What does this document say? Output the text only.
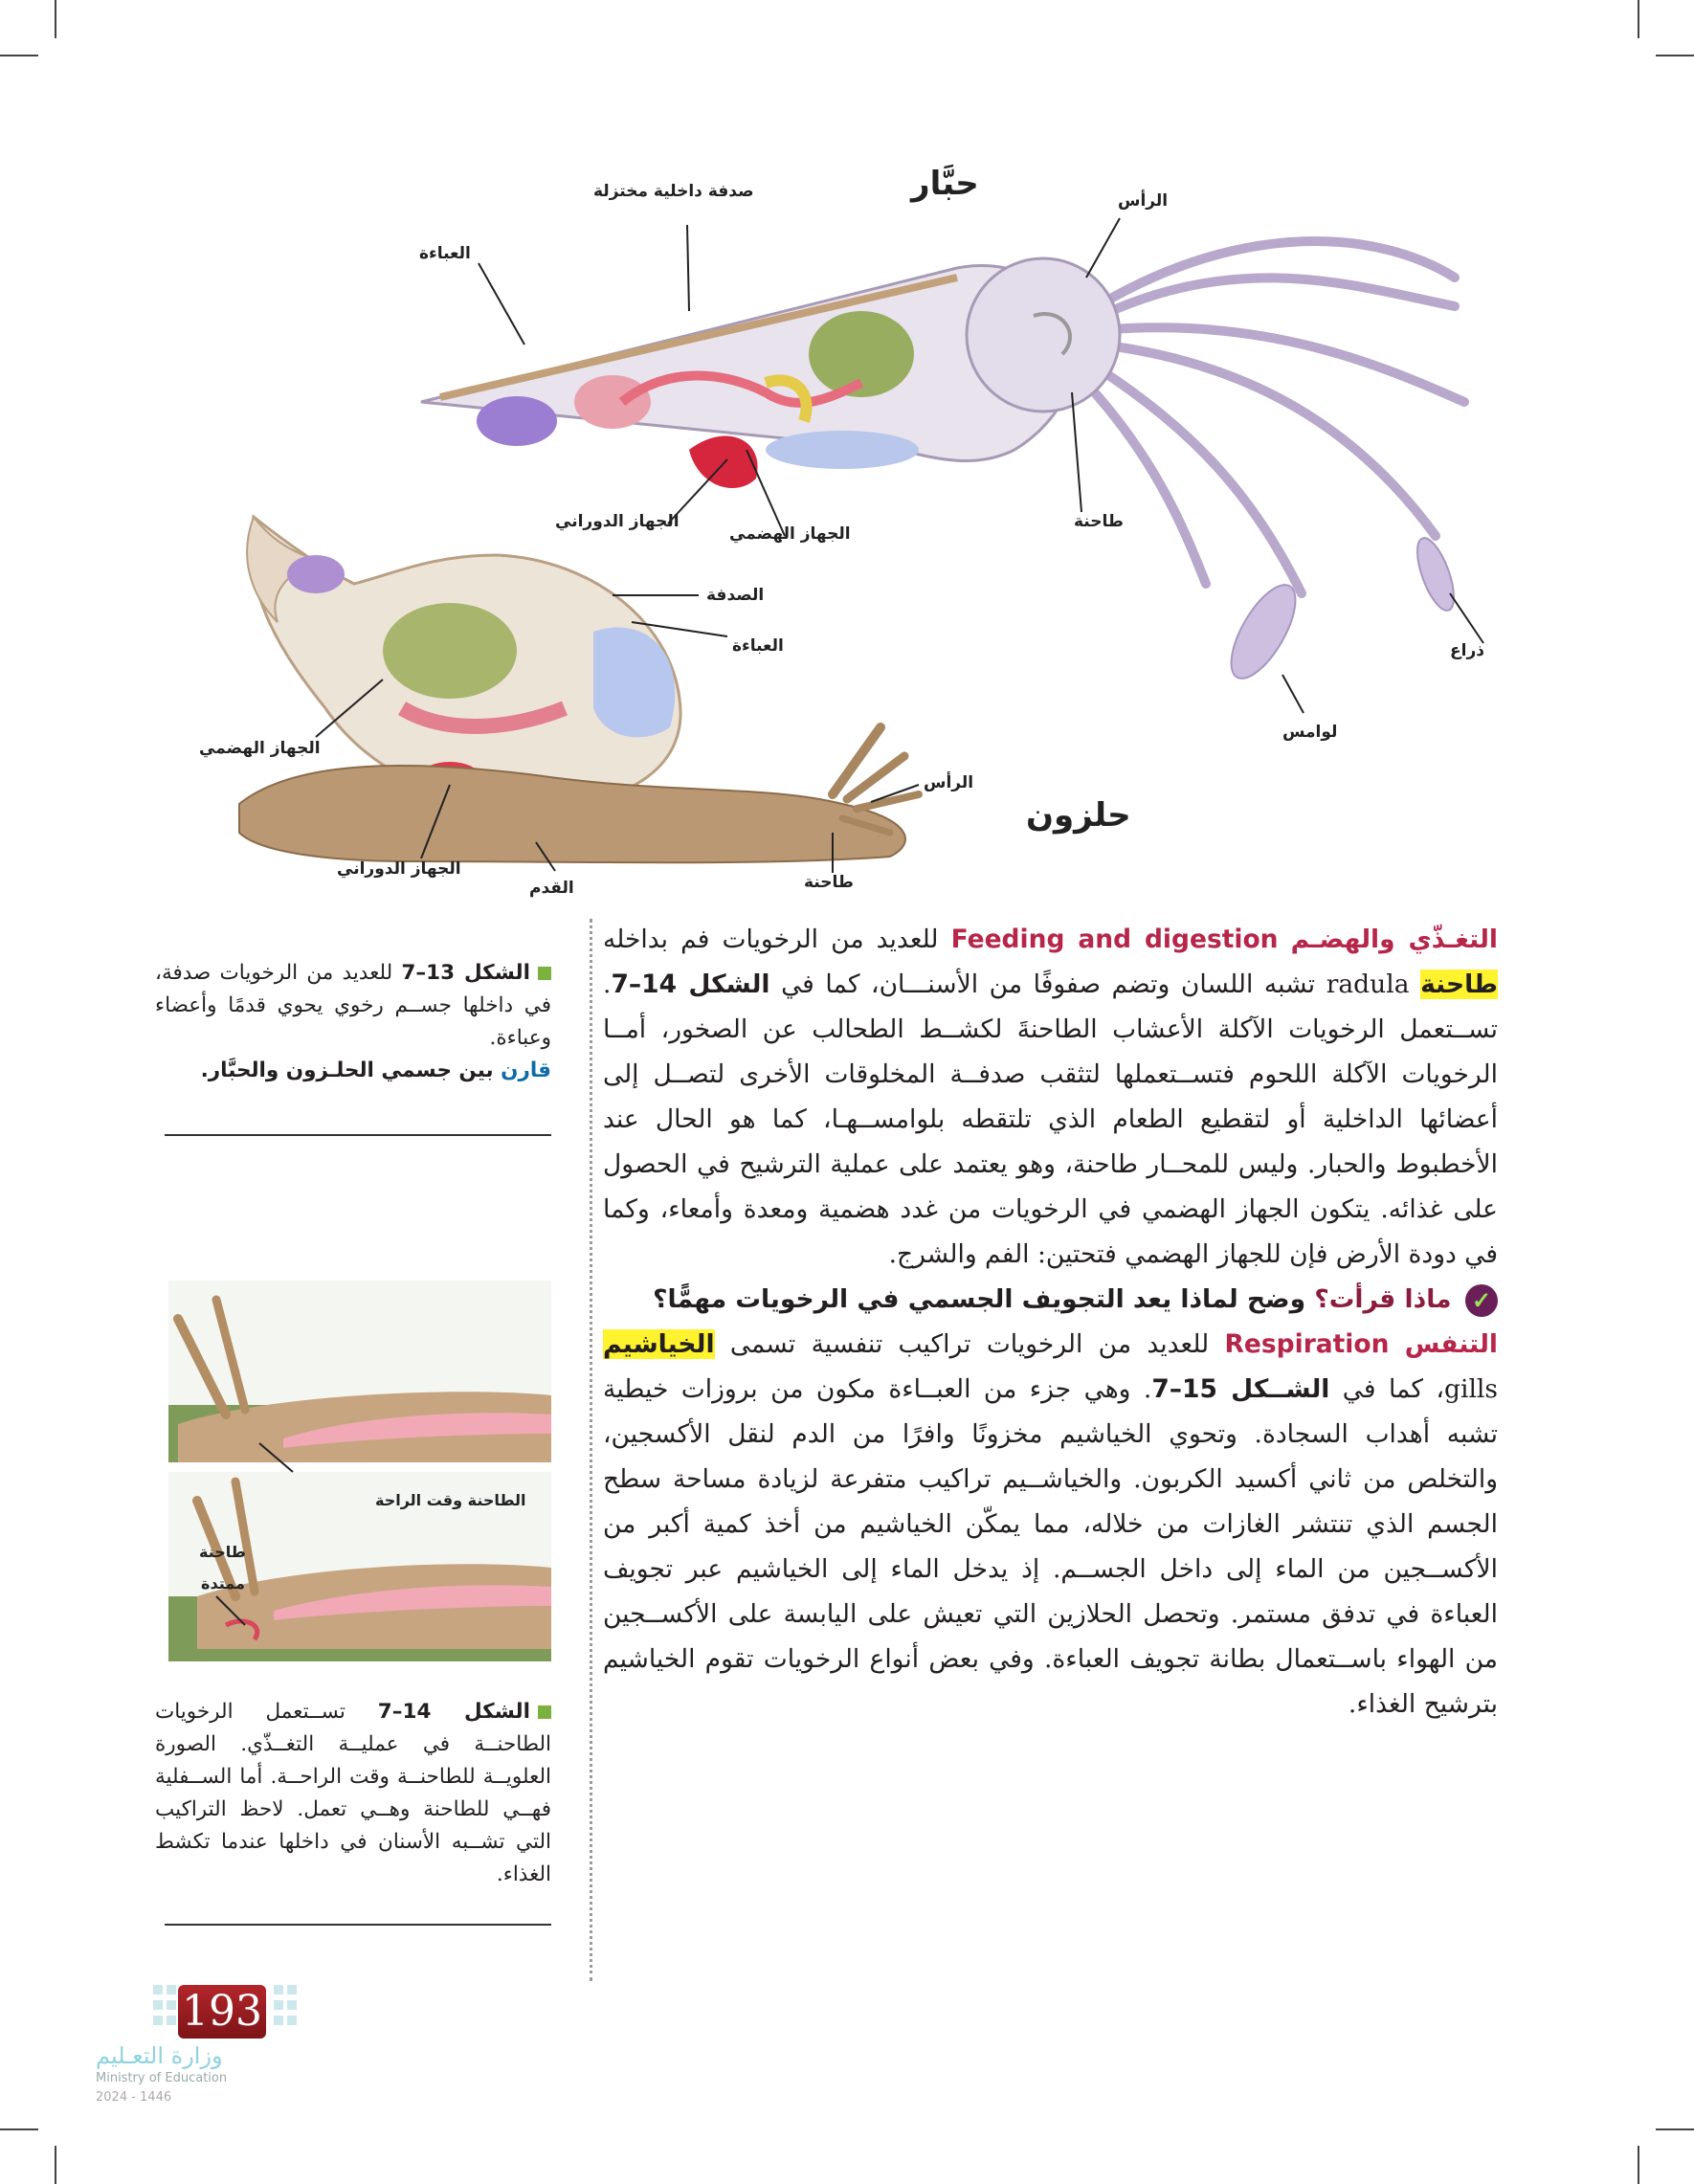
حبَّار
صدفة داخلية مختزلة	الرأس
العباءة
الجهاز الدوراني
الجهاز الهضمي
طاحنة
ذراع
لوامس
حلزون
الصدفة
العباءة
الجهاز الهضمي
الرأس
الجهاز الدوراني
القدم	طاحنة

التغـذّي والهضـم Feeding and digestion للعديد من الرخويات فم بداخله طاحنة radula تشبه اللسان وتضم صفوفًا من الأسنـــان، كما في الشكل 14–7. تســتعمل الرخويات الآكلة الأعشاب الطاحنةَ لكشــط الطحالب عن الصخور، أمــا الرخويات الآكلة اللحوم فتســتعملها لتثقب صدفــة المخلوقات الأخرى لتصــل إلى أعضائها الداخلية أو لتقطيع الطعام الذي تلتقطه بلوامســهـا، كما هو الحال عند الأخطبوط والحبار. وليس للمحــار طاحنة، وهو يعتمد على عملية الترشيح في الحصول على غذائه. يتكون الجهاز الهضمي في الرخويات من غدد هضمية ومعدة وأمعاء، وكما في دودة الأرض فإن للجهاز الهضمي فتحتين: الفم والشرج.

✓ ماذا قرأت؟ وضح لماذا يعد التجويف الجسمي في الرخويات مهمًّا؟

التنفس Respiration للعديد من الرخويات تراكيب تنفسية تسمى الخياشيم gills، كما في الشــكل 15–7. وهي جزء من العبــاءة مكون من بروزات خيطية تشبه أهداب السجادة. وتحوي الخياشيم مخزونًا وافرًا من الدم لنقل الأكسجين، والتخلص من ثاني أكسيد الكربون. والخياشــيم تراكيب متفرعة لزيادة مساحة سطح الجسم الذي تنتشر الغازات من خلاله، مما يمكّن الخياشيم من أخذ كمية أكبر من الأكســجين من الماء إلى داخل الجســم. إذ يدخل الماء إلى الخياشيم عبر تجويف العباءة في تدفق مستمر. وتحصل الحلازين التي تعيش على اليابسة على الأكســجين من الهواء باســتعمال بطانة تجويف العباءة. وفي بعض أنواع الرخويات تقوم الخياشيم بترشيح الغذاء.

الشكل 13–7 للعديد من الرخويات صدفة، في داخلها جســم رخوي يحوي قدمًا وأعضاء وعباءة.

قارن بين جسمي الحلـزون والحبَّار.

الطاحنة وقت الراحة
طاحنة
ممتدة

الشكل 14–7 تســتعمل الرخويات الطاحنــة في عمليــة التغــذّي. الصورة العلويــة للطاحنــة وقت الراحــة. أما الســفلية فهــي للطاحنة وهــي تعمل. لاحظ التراكيب التي تشــبه الأسنان في داخلها عندما تكشط الغذاء.

193
وزارة التعـليم
Ministry of Education
2024 - 1446
